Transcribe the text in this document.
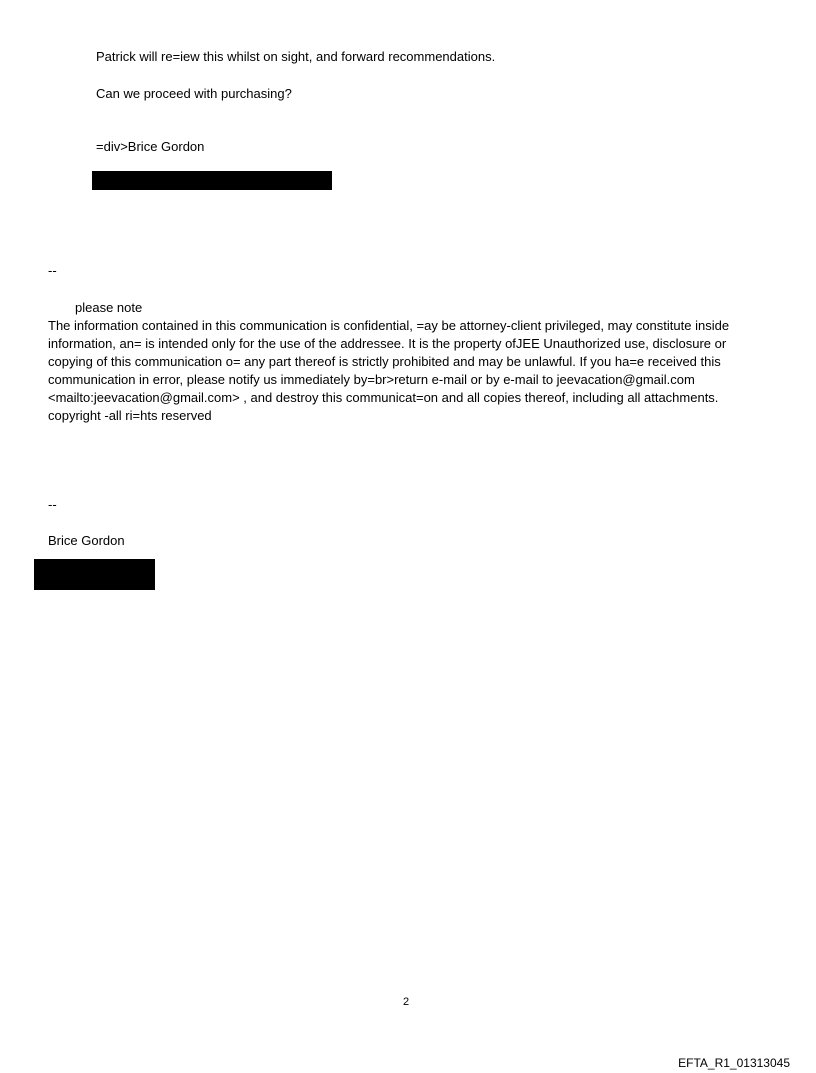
Patrick will re=iew this whilst on sight, and forward recommendations.

Can we proceed with purchasing?

=div>Brice Gordon

--

please note

The information contained in this communication is confidential, =ay be attorney-client privileged, may constitute inside
information, an= is intended only for the use of the addressee. It is the property ofJEE Unauthorized use, disclosure or
copying of this communication o= any part thereof is strictly prohibited and may be unlawful. If you ha=e received this
communication in error, please notify us immediately by=br>return e-mail or by e-mail to jeevacation@gmail.com
<mailto:jeevacation@gmail.com> , and destroy this communicat=on and all copies thereof, including all attachments.
copyright -all ri=hts reserved

--

Brice Gordon

2
EFTA_R1_01313045
